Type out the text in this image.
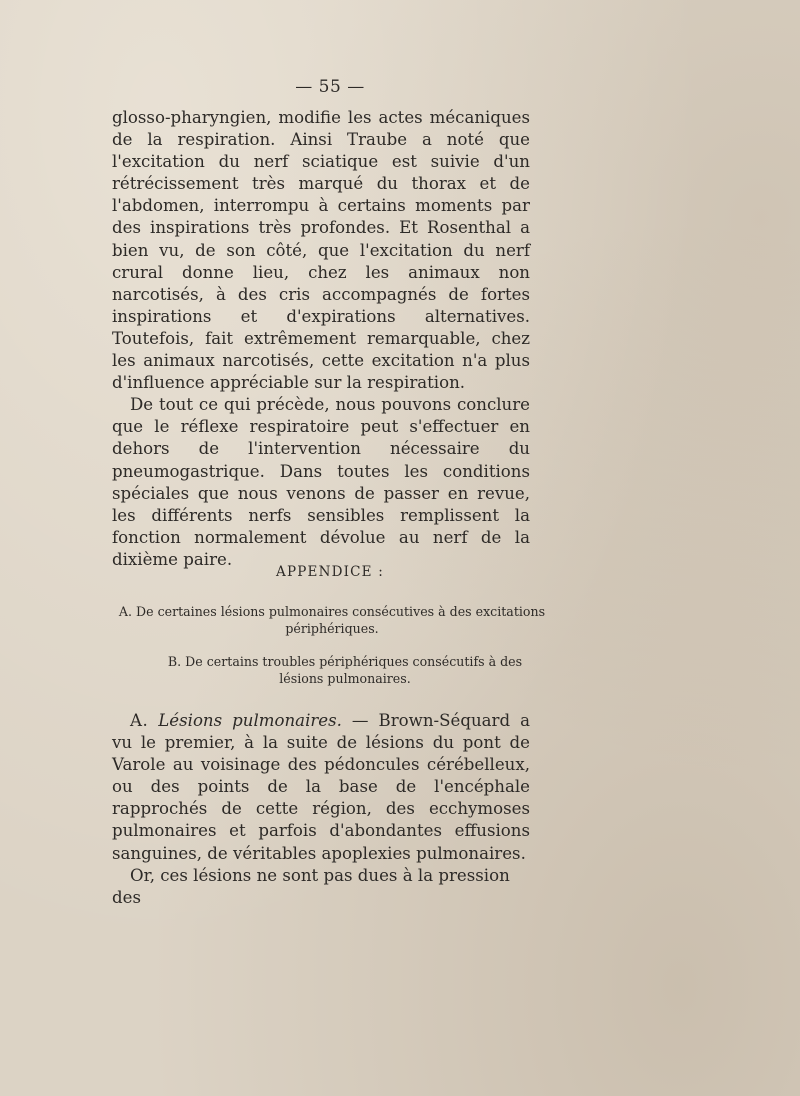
— 55 —

glosso-pharyngien, modifie les actes mécaniques de la respiration. Ainsi Traube a noté que l'excitation du nerf sciatique est suivie d'un rétrécissement très marqué du thorax et de l'abdomen, interrompu à certains moments par des inspirations très profondes. Et Rosenthal a bien vu, de son côté, que l'excitation du nerf crural donne lieu, chez les animaux non narcotisés, à des cris accompagnés de fortes inspirations et d'expirations alternatives. Toutefois, fait extrêmement remarquable, chez les animaux narcotisés, cette excitation n'a plus d'influence appréciable sur la respiration.

De tout ce qui précède, nous pouvons conclure que le réflexe respiratoire peut s'effectuer en dehors de l'intervention nécessaire du pneumogastrique. Dans toutes les conditions spéciales que nous venons de passer en revue, les différents nerfs sensibles remplissent la fonction normalement dévolue au nerf de la dixième paire.

APPENDICE :
A. De certaines lésions pulmonaires consécutives à des excitations périphériques.
B. De certains troubles périphériques consécutifs à des lésions pulmonaires.

A. Lésions pulmonaires. — Brown-Séquard a vu le premier, à la suite de lésions du pont de Varole au voisinage des pédoncules cérébelleux, ou des points de la base de l'encéphale rapprochés de cette région, des ecchymoses pulmonaires et parfois d'abondantes effusions sanguines, de véritables apoplexies pulmonaires.

Or, ces lésions ne sont pas dues à la pression des
